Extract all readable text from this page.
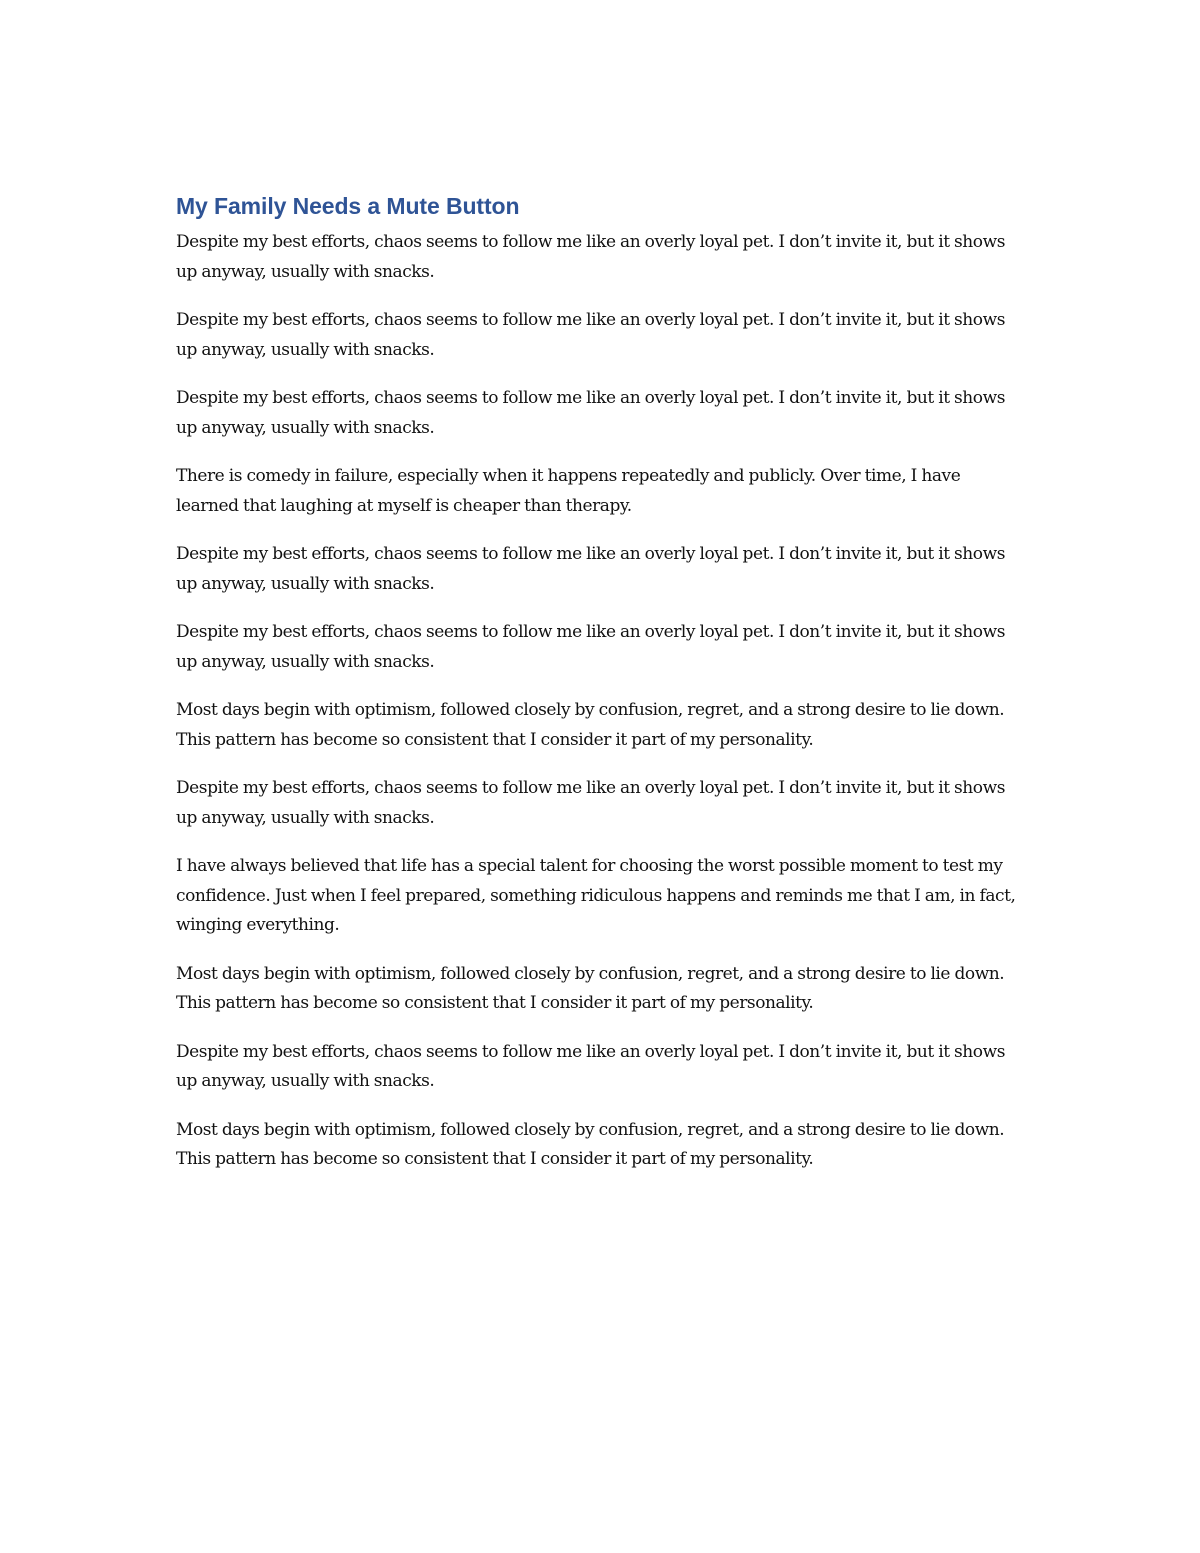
My Family Needs a Mute Button

Despite my best efforts, chaos seems to follow me like an overly loyal pet. I don’t invite it, but it shows up anyway, usually with snacks.

Despite my best efforts, chaos seems to follow me like an overly loyal pet. I don’t invite it, but it shows up anyway, usually with snacks.

Despite my best efforts, chaos seems to follow me like an overly loyal pet. I don’t invite it, but it shows up anyway, usually with snacks.

There is comedy in failure, especially when it happens repeatedly and publicly. Over time, I have learned that laughing at myself is cheaper than therapy.

Despite my best efforts, chaos seems to follow me like an overly loyal pet. I don’t invite it, but it shows up anyway, usually with snacks.

Despite my best efforts, chaos seems to follow me like an overly loyal pet. I don’t invite it, but it shows up anyway, usually with snacks.

Most days begin with optimism, followed closely by confusion, regret, and a strong desire to lie down. This pattern has become so consistent that I consider it part of my personality.

Despite my best efforts, chaos seems to follow me like an overly loyal pet. I don’t invite it, but it shows up anyway, usually with snacks.

I have always believed that life has a special talent for choosing the worst possible moment to test my confidence. Just when I feel prepared, something ridiculous happens and reminds me that I am, in fact, winging everything.

Most days begin with optimism, followed closely by confusion, regret, and a strong desire to lie down. This pattern has become so consistent that I consider it part of my personality.

Despite my best efforts, chaos seems to follow me like an overly loyal pet. I don’t invite it, but it shows up anyway, usually with snacks.

Most days begin with optimism, followed closely by confusion, regret, and a strong desire to lie down. This pattern has become so consistent that I consider it part of my personality.
